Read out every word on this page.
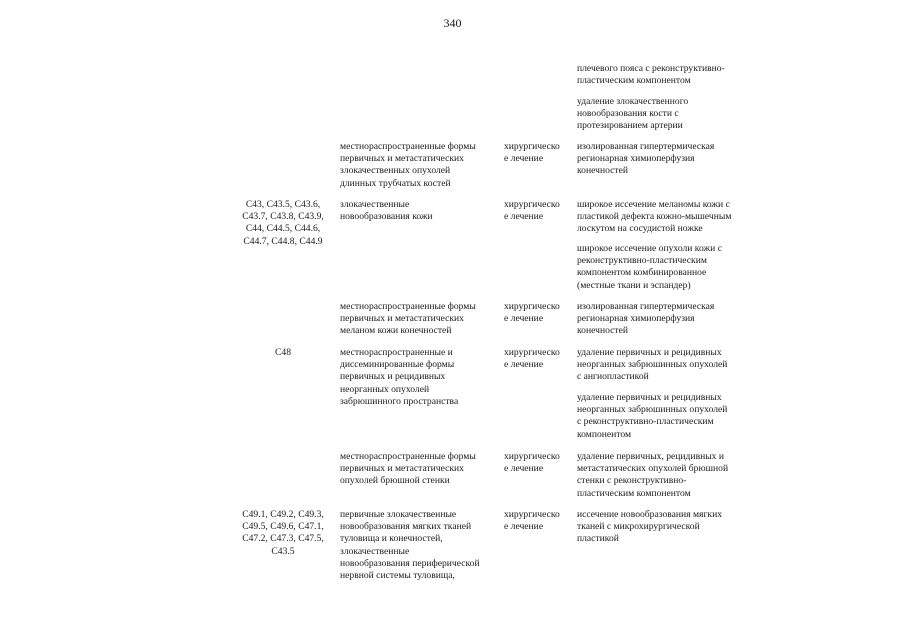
340
плечевого пояса с реконструктивно-
пластическим компонентом
удаление злокачественного
новообразования кости с
протезированием артерии
местнораспространенные формы
первичных и метастатических
злокачественных опухолей
длинных трубчатых костей
хирургическо
е лечение
изолированная гипертермическая
регионарная химиоперфузия
конечностей
C43, C43.5, C43.6,
C43.7, C43.8, C43.9,
C44, C44.5, C44.6,
C44.7, C44.8, C44.9
злокачественные
новообразования кожи
хирургическо
е лечение
широкое иссечение меланомы кожи с
пластикой дефекта кожно-мышечным
лоскутом на сосудистой ножке
широкое иссечение опухоли кожи с
реконструктивно-пластическим
компонентом комбинированное
(местные ткани и эспандер)
местнораспространенные формы
первичных и метастатических
меланом кожи конечностей
хирургическо
е лечение
изолированная гипертермическая
регионарная химиоперфузия
конечностей
C48	местнораспространенные и
диссеминированные формы
первичных и рецидивных
неорганных опухолей
забрюшинного пространства
хирургическо
е лечение
удаление первичных и рецидивных
неорганных забрюшинных опухолей
с ангиопластикой
удаление первичных и рецидивных
неорганных забрюшинных опухолей
с реконструктивно-пластическим
компонентом
местнораспространенные формы
первичных и метастатических
опухолей брюшной стенки
хирургическо
е лечение
удаление первичных, рецидивных и
метастатических опухолей брюшной
стенки с реконструктивно-
пластическим компонентом
C49.1, C49.2, C49.3,
C49.5, C49.6, C47.1,
C47.2, C47.3, C47.5,
C43.5
первичные злокачественные
новообразования мягких тканей
туловища и конечностей,
злокачественные
новообразования периферической
нервной системы туловища,
хирургическо
е лечение
иссечение новообразования мягких
тканей с микрохирургической
пластикой
